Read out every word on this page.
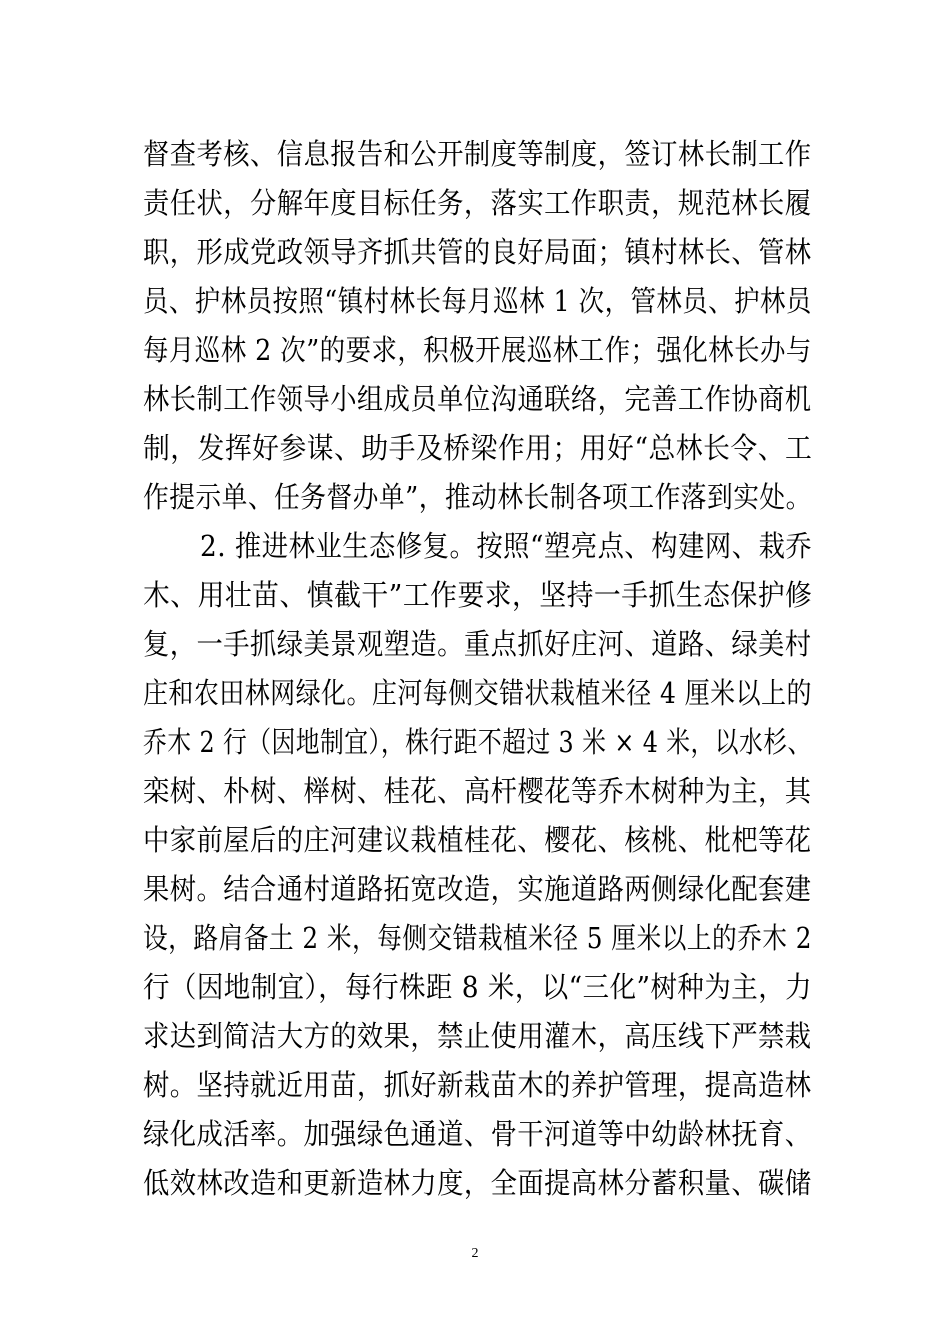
督查考核、信息报告和公开制度等制度，签订林长制工作
责任状，分解年度目标任务，落实工作职责，规范林长履
职，形成党政领导齐抓共管的良好局面；镇村林长、管林
员、护林员按照“镇村林长每月巡林 1 次，管林员、护林员
每月巡林 2 次”的要求，积极开展巡林工作；强化林长办与
林长制工作领导小组成员单位沟通联络，完善工作协商机
制，发挥好参谋、助手及桥梁作用；用好“总林长令、工
作提示单、任务督办单”，推动林长制各项工作落到实处。
2. 推进林业生态修复。按照“塑亮点、构建网、栽乔
木、用壮苗、慎截干”工作要求，坚持一手抓生态保护修
复，一手抓绿美景观塑造。重点抓好庄河、道路、绿美村
庄和农田林网绿化。庄河每侧交错状栽植米径 4 厘米以上的
乔木 2 行（因地制宜），株行距不超过 3 米 × 4 米，以水杉、
栾树、朴树、榉树、桂花、高杆樱花等乔木树种为主，其
中家前屋后的庄河建议栽植桂花、樱花、核桃、枇杷等花
果树。结合通村道路拓宽改造，实施道路两侧绿化配套建
设，路肩备土 2 米，每侧交错栽植米径 5 厘米以上的乔木 2
行（因地制宜），每行株距 8 米，以“三化”树种为主，力
求达到简洁大方的效果，禁止使用灌木，高压线下严禁栽
树。坚持就近用苗，抓好新栽苗木的养护管理，提高造林
绿化成活率。加强绿色通道、骨干河道等中幼龄林抚育、
低效林改造和更新造林力度，全面提高林分蓄积量、碳储
2
